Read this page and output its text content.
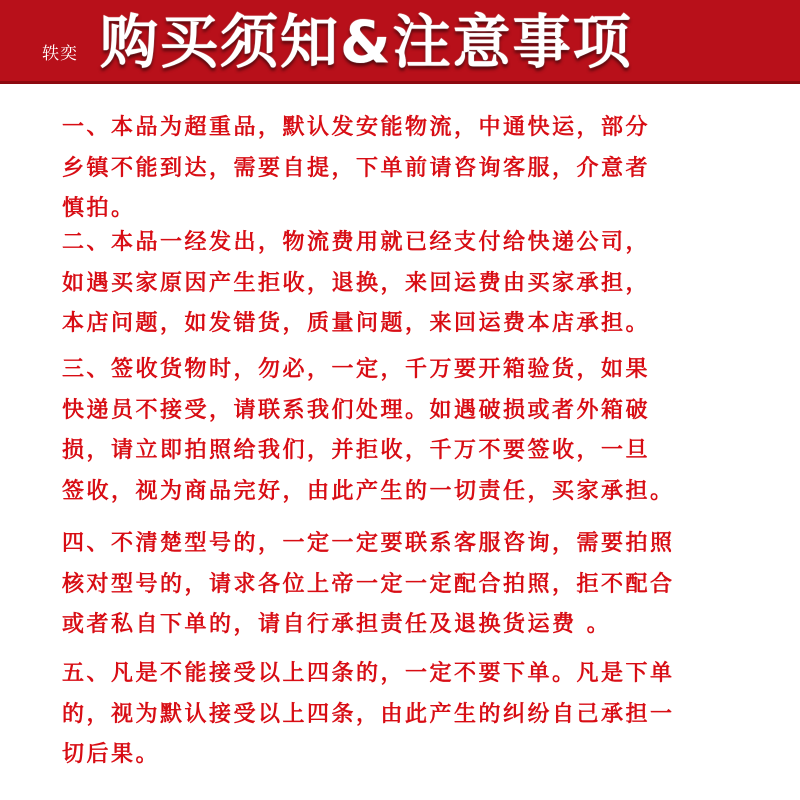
轶奕 购买须知&注意事项
一、本品为超重品，默认发安能物流，中通快运，部分
乡镇不能到达，需要自提，下单前请咨询客服，介意者
慎拍。
二、本品一经发出，物流费用就已经支付给快递公司，
如遇买家原因产生拒收，退换，来回运费由买家承担，
本店问题，如发错货，质量问题，来回运费本店承担。
三、签收货物时，勿必，一定，千万要开箱验货，如果
快递员不接受，请联系我们处理。如遇破损或者外箱破
损，请立即拍照给我们，并拒收，千万不要签收，一旦
签收，视为商品完好，由此产生的一切责任，买家承担。
四、不清楚型号的，一定一定要联系客服咨询，需要拍照
核对型号的，请求各位上帝一定一定配合拍照，拒不配合
或者私自下单的，请自行承担责任及退换货运费 。
五、凡是不能接受以上四条的，一定不要下单。凡是下单
的，视为默认接受以上四条，由此产生的纠纷自己承担一
切后果。
